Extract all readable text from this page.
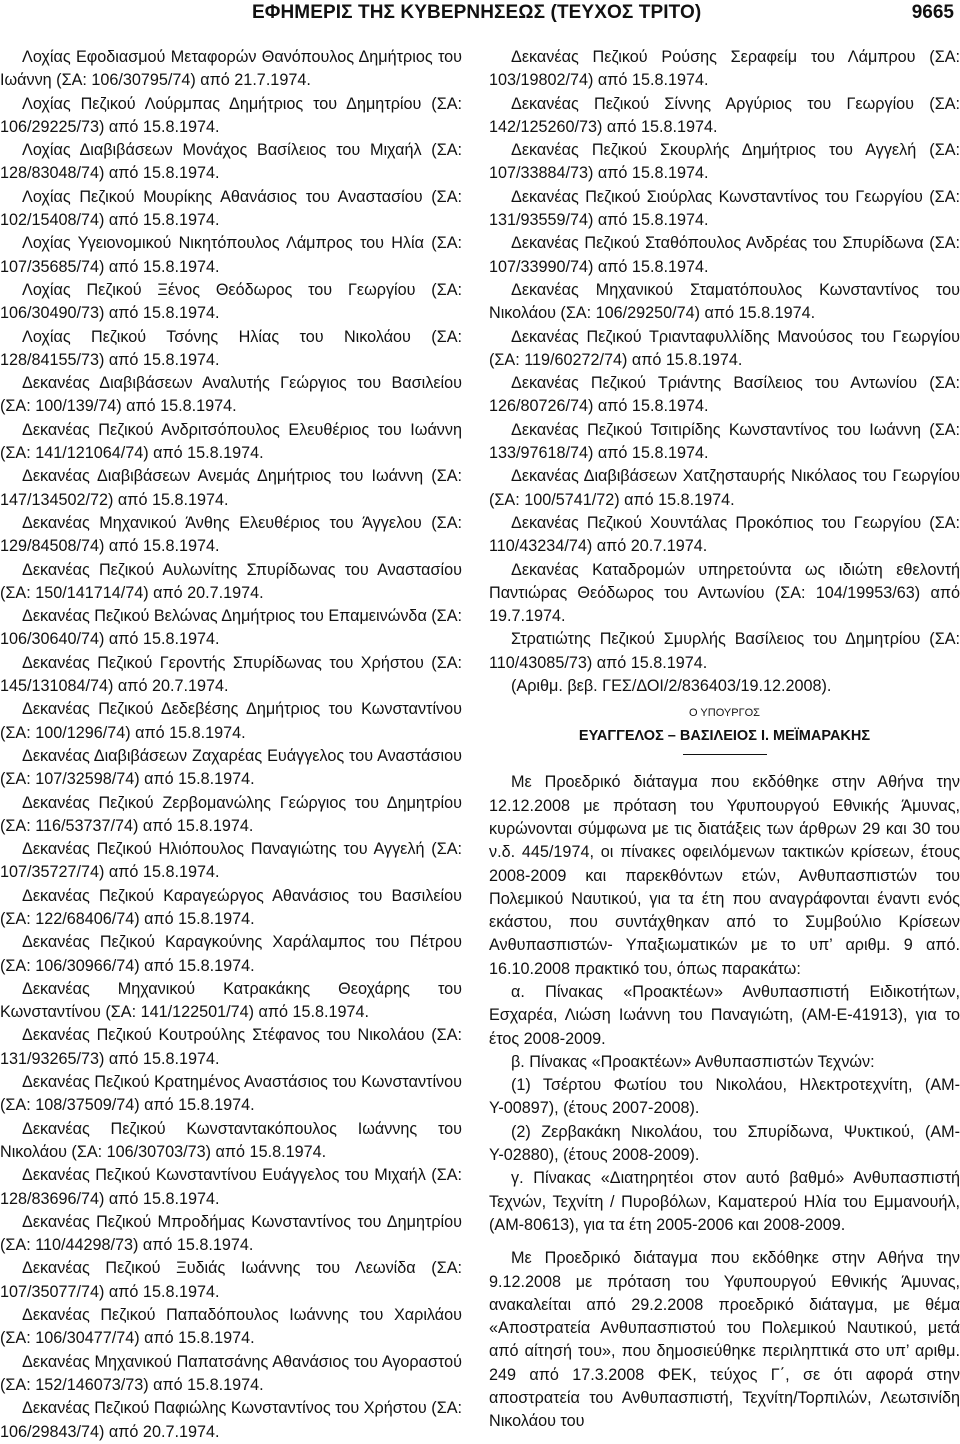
ΕΦΗΜΕΡΙΣ ΤΗΣ ΚΥΒΕΡΝΗΣΕΩΣ (ΤΕΥΧΟΣ ΤΡΙΤΟ)	9665

Λοχίας Εφοδιασμού Μεταφορών Θανόπουλος Δημήτριος του Ιωάννη (ΣΑ: 106/30795/74) από 21.7.1974.

Λοχίας Πεζικού Λούρμπας Δημήτριος του Δημητρίου (ΣΑ: 106/29225/73) από 15.8.1974.

Λοχίας Διαβιβάσεων Μονάχος Βασίλειος του Μιχαήλ (ΣΑ: 128/83048/74) από 15.8.1974.

Λοχίας Πεζικού Μουρίκης Αθανάσιος του Αναστασίου (ΣΑ: 102/15408/74) από 15.8.1974.

Λοχίας Υγειονομικού Νικητόπουλος Λάμπρος του Ηλία (ΣΑ: 107/35685/74) από 15.8.1974.

Λοχίας Πεζικού Ξένος Θεόδωρος του Γεωργίου (ΣΑ: 106/30490/73) από 15.8.1974.

Λοχίας Πεζικού Τσόνης Ηλίας του Νικολάου (ΣΑ: 128/84155/73) από 15.8.1974.

Δεκανέας Διαβιβάσεων Αναλυτής Γεώργιος του Βασιλείου (ΣΑ: 100/139/74) από 15.8.1974.

Δεκανέας Πεζικού Ανδριτσόπουλος Ελευθέριος του Ιωάννη (ΣΑ: 141/121064/74) από 15.8.1974.

Δεκανέας Διαβιβάσεων Ανεμάς Δημήτριος του Ιωάννη (ΣΑ: 147/134502/72) από 15.8.1974.

Δεκανέας Μηχανικού Άνθης Ελευθέριος του Άγγελου (ΣΑ: 129/84508/74) από 15.8.1974.

Δεκανέας Πεζικού Αυλωνίτης Σπυρίδωνας του Αναστασίου (ΣΑ: 150/141714/74) από 20.7.1974.

Δεκανέας Πεζικού Βελώνας Δημήτριος του Επαμεινώνδα (ΣΑ: 106/30640/74) από 15.8.1974.

Δεκανέας Πεζικού Γεροντής Σπυρίδωνας του Χρήστου (ΣΑ: 145/131084/74) από 20.7.1974.

Δεκανέας Πεζικού Δεδεβέσης Δημήτριος του Κωνσταντίνου (ΣΑ: 100/1296/74) από 15.8.1974.

Δεκανέας Διαβιβάσεων Ζαχαρέας Ευάγγελος του Αναστάσιου (ΣΑ: 107/32598/74) από 15.8.1974.

Δεκανέας Πεζικού Ζερβομανώλης Γεώργιος του Δημητρίου (ΣΑ: 116/53737/74) από 15.8.1974.

Δεκανέας Πεζικού Ηλιόπουλος Παναγιώτης του Αγγελή (ΣΑ: 107/35727/74) από 15.8.1974.

Δεκανέας Πεζικού Καραγεώργος Αθανάσιος του Βασιλείου (ΣΑ: 122/68406/74) από 15.8.1974.

Δεκανέας Πεζικού Καραγκούνης Χαράλαμπος του Πέτρου (ΣΑ: 106/30966/74) από 15.8.1974.

Δεκανέας Μηχανικού Κατρακάκης Θεοχάρης του Κωνσταντίνου (ΣΑ: 141/122501/74) από 15.8.1974.

Δεκανέας Πεζικού Κουτρούλης Στέφανος του Νικολάου (ΣΑ: 131/93265/73) από 15.8.1974.

Δεκανέας Πεζικού Κρατημένος Αναστάσιος του Κωνσταντίνου (ΣΑ: 108/37509/74) από 15.8.1974.

Δεκανέας Πεζικού Κωνσταντακόπουλος Ιωάννης του Νικολάου (ΣΑ: 106/30703/73) από 15.8.1974.

Δεκανέας Πεζικού Κωνσταντίνου Ευάγγελος του Μιχαήλ (ΣΑ: 128/83696/74) από 15.8.1974.

Δεκανέας Πεζικού Μπροδήμας Κωνσταντίνος του Δημητρίου (ΣΑ: 110/44298/73) από 15.8.1974.

Δεκανέας Πεζικού Ξυδιάς Ιωάννης του Λεωνίδα (ΣΑ: 107/35077/74) από 15.8.1974.

Δεκανέας Πεζικού Παπαδόπουλος Ιωάννης του Χαριλάου (ΣΑ: 106/30477/74) από 15.8.1974.

Δεκανέας Μηχανικού Παπατσάνης Αθανάσιος του Αγοραστού (ΣΑ: 152/146073/73) από 15.8.1974.

Δεκανέας Πεζικού Παφιώλης Κωνσταντίνος του Χρήστου (ΣΑ: 106/29843/74) από 20.7.1974.

Δεκανέας Πεζικού Ρούσης Σεραφείμ του Λάμπρου (ΣΑ: 103/19802/74) από 15.8.1974.

Δεκανέας Πεζικού Σίννης Αργύριος του Γεωργίου (ΣΑ: 142/125260/73) από 15.8.1974.

Δεκανέας Πεζικού Σκουρλής Δημήτριος του Αγγελή (ΣΑ: 107/33884/73) από 15.8.1974.

Δεκανέας Πεζικού Σιούρλας Κωνσταντίνος του Γεωργίου (ΣΑ: 131/93559/74) από 15.8.1974.

Δεκανέας Πεζικού Σταθόπουλος Ανδρέας του Σπυρίδωνα (ΣΑ: 107/33990/74) από 15.8.1974.

Δεκανέας Μηχανικού Σταματόπουλος Κωνσταντίνος του Νικολάου (ΣΑ: 106/29250/74) από 15.8.1974.

Δεκανέας Πεζικού Τριανταφυλλίδης Μανούσος του Γεωργίου (ΣΑ: 119/60272/74) από 15.8.1974.

Δεκανέας Πεζικού Τριάντης Βασίλειος του Αντωνίου (ΣΑ: 126/80726/74) από 15.8.1974.

Δεκανέας Πεζικού Τσιτιρίδης Κωνσταντίνος του Ιωάννη (ΣΑ: 133/97618/74) από 15.8.1974.

Δεκανέας Διαβιβάσεων Χατζησταυρής Νικόλαος του Γεωργίου (ΣΑ: 100/5741/72) από 15.8.1974.

Δεκανέας Πεζικού Χουντάλας Προκόπιος του Γεωργίου (ΣΑ: 110/43234/74) από 20.7.1974.

Δεκανέας Καταδρομών υπηρετούντα ως ιδιώτη εθελοντή Παντιώρας Θεόδωρος του Αντωνίου (ΣΑ: 104/19953/63) από 19.7.1974.

Στρατιώτης Πεζικού Σμυρλής Βασίλειος του Δημητρίου (ΣΑ: 110/43085/73) από 15.8.1974.

(Αριθμ. βεβ. ΓΕΣ/ΔΟΙ/2/836403/19.12.2008).

Ο ΥΠΟΥΡΓΟΣ
ΕΥΑΓΓΕΛΟΣ – ΒΑΣΙΛΕΙΟΣ Ι. ΜΕΪΜΑΡΑΚΗΣ

Με Προεδρικό διάταγμα που εκδόθηκε στην Αθήνα την 12.12.2008 με πρόταση του Υφυπουργού Εθνικής Άμυνας, κυρώνονται σύμφωνα με τις διατάξεις των άρθρων 29 και 30 του ν.δ. 445/1974, οι πίνακες οφειλόμενων τακτικών κρίσεων, έτους 2008-2009 και παρεκθόντων ετών, Ανθυπασπιστών του Πολεμικού Ναυτικού, για τα έτη που αναγράφονται έναντι ενός εκάστου, που συντάχθηκαν από το Συμβούλιο Κρίσεων Ανθυπασπιστών- Υπαξιωματικών με το υπ’ αριθμ. 9 από. 16.10.2008 πρακτικό του, όπως παρακάτω:

α. Πίνακας «Προακτέων» Ανθυπασπιστή Ειδικοτήτων, Εσχαρέα, Λιώση Ιωάννη του Παναγιώτη, (ΑΜ-Ε-41913), για το έτος 2008-2009.

β. Πίνακας «Προακτέων» Ανθυπασπιστών Τεχνών:

(1) Τσέρτου Φωτίου του Νικολάου, Ηλεκτροτεχνίτη, (ΑΜ-Υ-00897), (έτους 2007-2008).

(2) Ζερβακάκη Νικολάου, του Σπυρίδωνα, Ψυκτικού, (ΑΜ-Υ-02880), (έτους 2008-2009).

γ. Πίνακας «Διατηρητέοι στον αυτό βαθμό» Ανθυπασπιστή Τεχνών, Τεχνίτη / Πυροβόλων, Καματερού Ηλία του Εμμανουήλ, (ΑΜ-80613), για τα έτη 2005-2006 και 2008-2009.

Με Προεδρικό διάταγμα που εκδόθηκε στην Αθήνα την 9.12.2008 με πρόταση του Υφυπουργού Εθνικής Άμυνας, ανακαλείται από 29.2.2008 προεδρικό διάταγμα, με θέμα «Αποστρατεία Ανθυπασπιστού του Πολεμικού Ναυτικού, μετά από αίτησή του», που δημοσιεύθηκε περιληπτικά στο υπ’ αριθμ. 249 από 17.3.2008 ΦΕΚ, τεύχος Γ΄, σε ότι αφορά στην αποστρατεία του Ανθυπασπιστή, Τεχνίτη/Τορπιλών, Λεωτσινίδη Νικολάου του
